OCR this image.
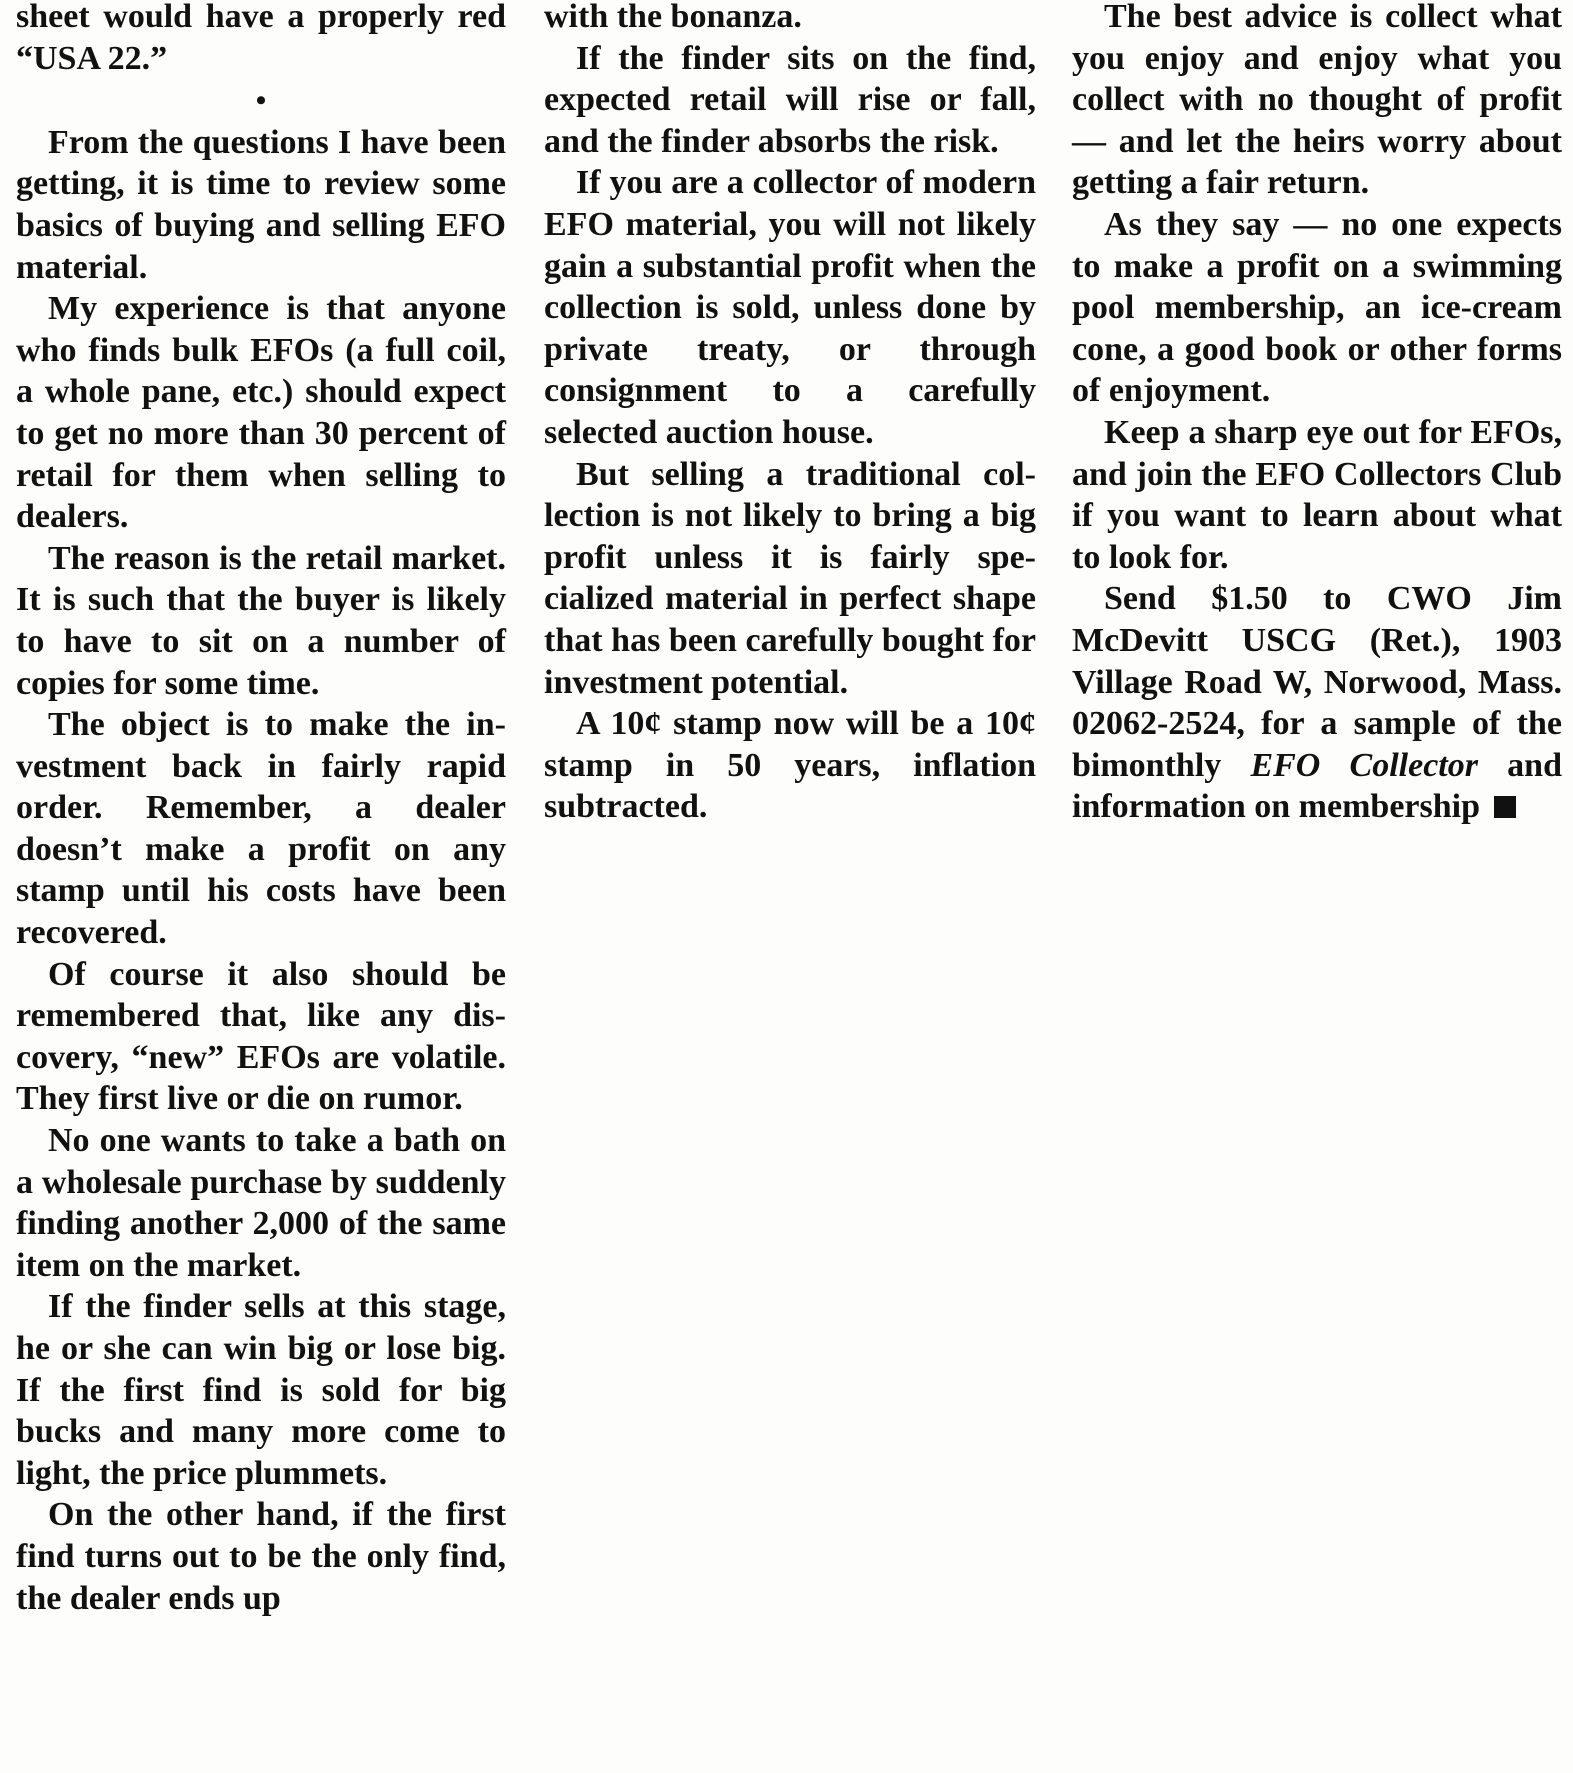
sheet would have a properly red “USA 22.”

•

From the questions I have been getting, it is time to review some basics of buying and selling EFO material.

My experience is that anyone who finds bulk EFOs (a full coil, a whole pane, etc.) should expect to get no more than 30 percent of retail for them when selling to dealers.

The reason is the retail market. It is such that the buyer is likely to have to sit on a number of copies for some time.

The object is to make the investment back in fairly rapid order. Remember, a dealer doesn’t make a profit on any stamp until his costs have been recovered.

Of course it also should be remembered that, like any discovery, “new” EFOs are volatile. They first live or die on rumor.

No one wants to take a bath on a wholesale purchase by suddenly finding another 2,000 of the same item on the market.

If the finder sells at this stage, he or she can win big or lose big. If the first find is sold for big bucks and many more come to light, the price plummets.

On the other hand, if the first find turns out to be the only find, the dealer ends up

with the bonanza.

If the finder sits on the find, expected retail will rise or fall, and the finder absorbs the risk.

If you are a collector of modern EFO material, you will not likely gain a substantial profit when the collection is sold, unless done by private treaty, or through consignment to a carefully selected auction house.

But selling a traditional collection is not likely to bring a big profit unless it is fairly specialized material in perfect shape that has been carefully bought for investment potential.

A 10¢ stamp now will be a 10¢ stamp in 50 years, inflation subtracted.

The best advice is collect what you enjoy and enjoy what you collect with no thought of profit — and let the heirs worry about getting a fair return.

As they say — no one expects to make a profit on a swimming pool membership, an ice-cream cone, a good book or other forms of enjoyment.

Keep a sharp eye out for EFOs, and join the EFO Collectors Club if you want to learn about what to look for.

Send $1.50 to CWO Jim McDevitt USCG (Ret.), 1903 Village Road W, Norwood, Mass. 02062-2524, for a sample of the bimonthly EFO Collector and information on membership
